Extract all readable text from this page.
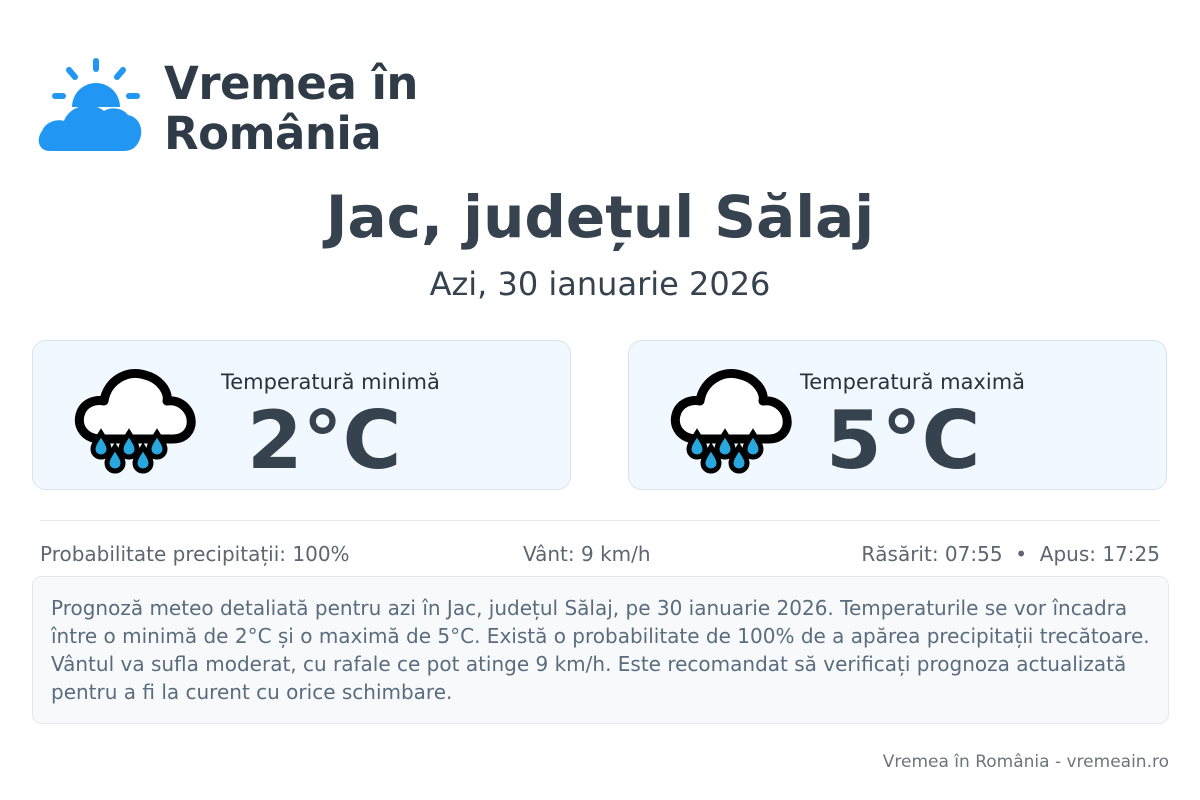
Vremea în
România
Jac, județul Sălaj
Azi, 30 ianuarie 2026
Temperatură minimă
2°C
Temperatură maximă
5°C
Probabilitate precipitații: 100%	Vânt: 9 km/h	Răsărit: 07:55  •  Apus: 17:25
Prognoză meteo detaliată pentru azi în Jac, județul Sălaj, pe 30 ianuarie 2026. Temperaturile se vor încadra între o minimă de 2°C și o maximă de 5°C. Există o probabilitate de 100% de a apărea precipitații trecătoare. Vântul va sufla moderat, cu rafale ce pot atinge 9 km/h. Este recomandat să verificați prognoza actualizată pentru a fi la curent cu orice schimbare.
Vremea în România - vremeain.ro
